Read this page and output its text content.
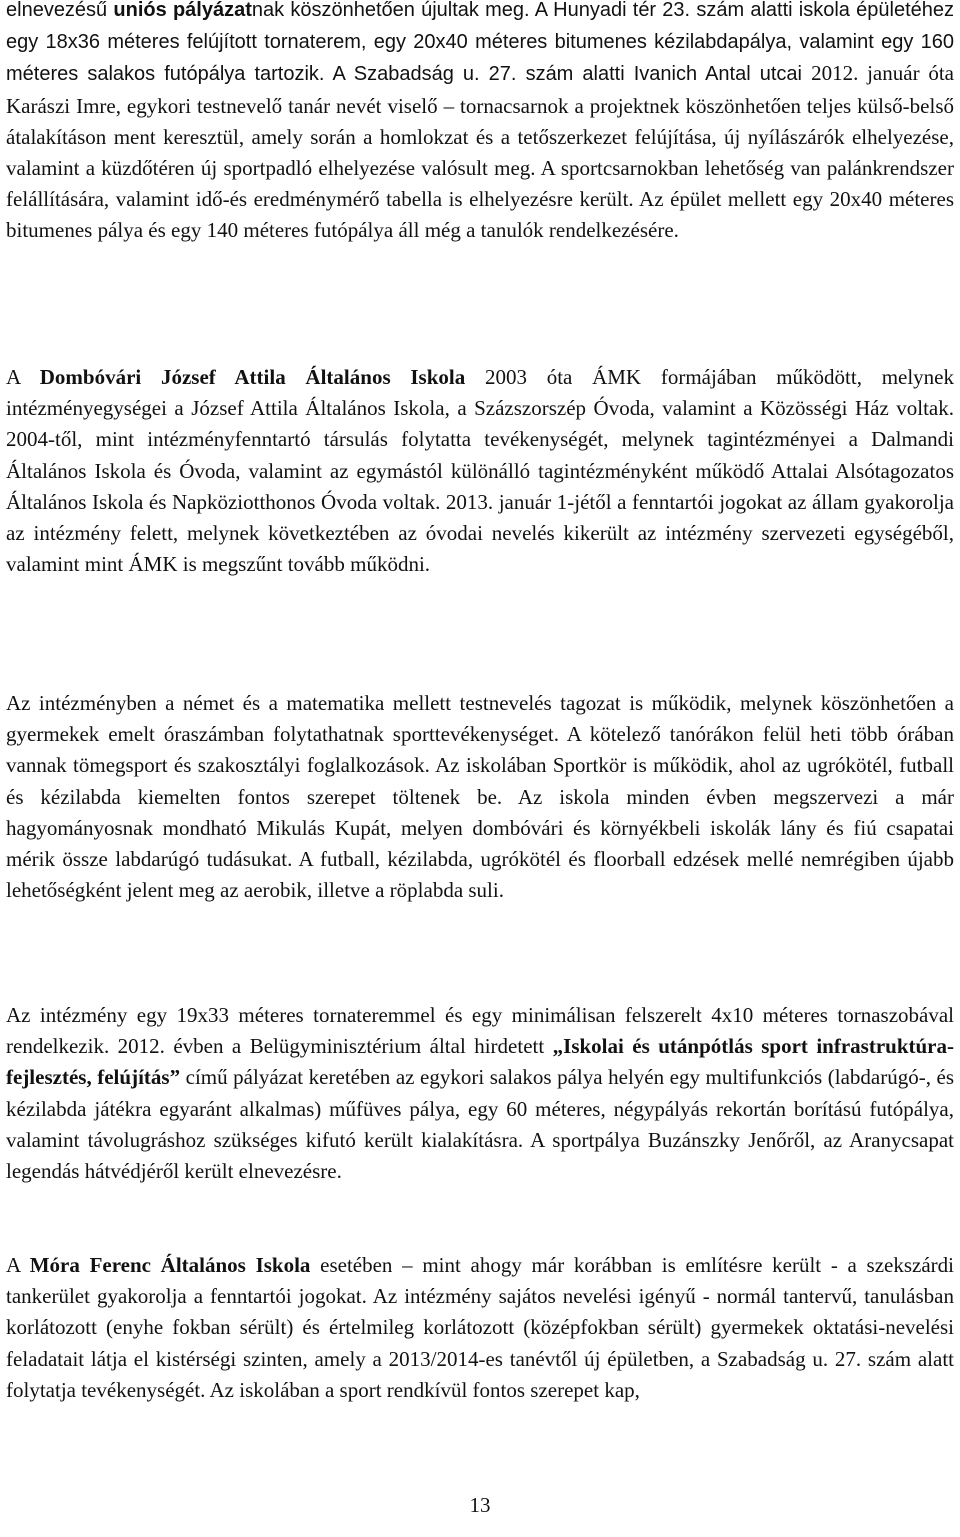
elnevezésű uniós pályázatnak köszönhetően újultak meg. A Hunyadi tér 23. szám alatti iskola épületéhez egy 18x36 méteres felújított tornaterem, egy 20x40 méteres bitumenes kézilabdapálya, valamint egy 160 méteres salakos futópálya tartozik. A Szabadság u. 27. szám alatti Ivanich Antal utcai 2012. január óta Karászi Imre, egykori testnevelő tanár nevét viselő – tornacsarnok a projektnek köszönhetően teljes külső-belső átalakításon ment keresztül, amely során a homlokzat és a tetőszerkezet felújítása, új nyílászárók elhelyezése, valamint a küzdőtéren új sportpadló elhelyezése valósult meg. A sportcsarnokban lehetőség van palánkrendszer felállítására, valamint idő-és eredménymérő tabella is elhelyezésre került. Az épület mellett egy 20x40 méteres bitumenes pálya és egy 140 méteres futópálya áll még a tanulók rendelkezésére.

A Dombóvári József Attila Általános Iskola 2003 óta ÁMK formájában működött, melynek intézményegységei a József Attila Általános Iskola, a Százszorszép Óvoda, valamint a Közösségi Ház voltak. 2004-től, mint intézményfenntartó társulás folytatta tevékenységét, melynek tagintézményei a Dalmandi Általános Iskola és Óvoda, valamint az egymástól különálló tagintézményként működő Attalai Alsótagozatos Általános Iskola és Napköziotthonos Óvoda voltak. 2013. január 1-jétől a fenntartói jogokat az állam gyakorolja az intézmény felett, melynek következtében az óvodai nevelés kikerült az intézmény szervezeti egységéből, valamint mint ÁMK is megszűnt tovább működni.

Az intézményben a német és a matematika mellett testnevelés tagozat is működik, melynek köszönhetően a gyermekek emelt óraszámban folytathatnak sporttevékenységet. A kötelező tanórákon felül heti több órában vannak tömegsport és szakosztályi foglalkozások. Az iskolában Sportkör is működik, ahol az ugrókötél, futball és kézilabda kiemelten fontos szerepet töltenek be. Az iskola minden évben megszervezi a már hagyományosnak mondható Mikulás Kupát, melyen dombóvári és környékbeli iskolák lány és fiú csapatai mérik össze labdarúgó tudásukat. A futball, kézilabda, ugrókötél és floorball edzések mellé nemrégiben újabb lehetőségként jelent meg az aerobik, illetve a röplabda suli.

Az intézmény egy 19x33 méteres tornateremmel és egy minimálisan felszerelt 4x10 méteres tornaszobával rendelkezik. 2012. évben a Belügyminisztérium által hirdetett „Iskolai és utánpótlás sport infrastruktúra-fejlesztés, felújítás” című pályázat keretében az egykori salakos pálya helyén egy multifunkciós (labdarúgó-, és kézilabda játékra egyaránt alkalmas) műfüves pálya, egy 60 méteres, négypályás rekortán borítású futópálya, valamint távolugráshoz szükséges kifutó került kialakításra. A sportpálya Buzánszky Jenőről, az Aranycsapat legendás hátvédjéről került elnevezésre.

A Móra Ferenc Általános Iskola esetében – mint ahogy már korábban is említésre került - a szekszárdi tankerület gyakorolja a fenntartói jogokat. Az intézmény sajátos nevelési igényű - normál tantervű, tanulásban korlátozott (enyhe fokban sérült) és értelmileg korlátozott (középfokban sérült) gyermekek oktatási-nevelési feladatait látja el kistérségi szinten, amely a 2013/2014-es tanévtől új épületben, a Szabadság u. 27. szám alatt folytatja tevékenységét. Az iskolában a sport rendkívül fontos szerepet kap,

13
